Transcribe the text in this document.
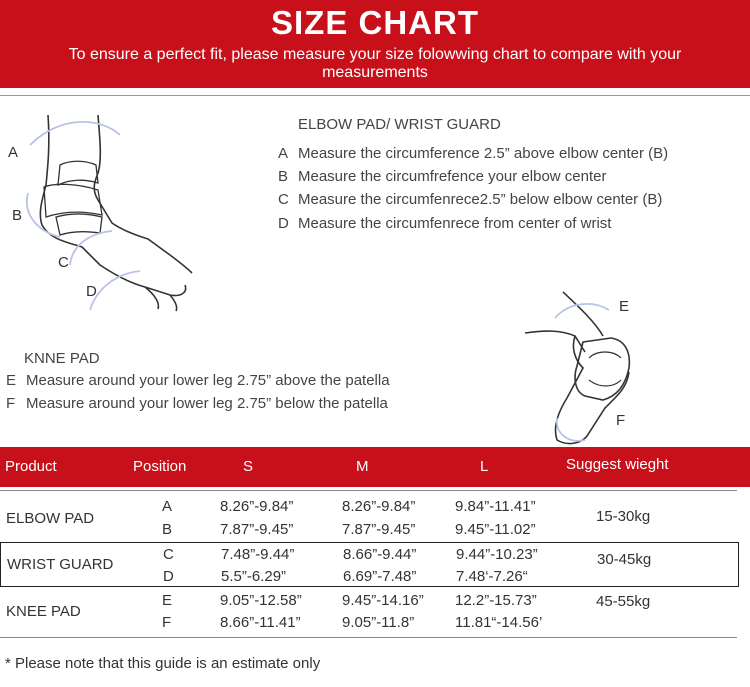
SIZE CHART
To ensure a perfect fit, please measure your size folowwing chart to compare with your measurements
A
B
C
D
ELBOW PAD/ WRIST GUARD
A Measure the circumference 2.5” above elbow center (B)
B Measure the circumfrefence your elbow center
C Measure the circumfenrece2.5” below elbow center (B)
D Measure the circumfenrece from center of wrist
KNNE PAD
E Measure around your lower leg 2.75” above the patella
F Measure around your lower leg 2.75” below the patella
E
F
Product	Position	S	M	L	Suggest wieght
ELBOW PAD
A	8.26”-9.84”	8.26”-9.84”	9.84”-11.41”
B	7.87”-9.45”	7.87”-9.45”	9.45”-11.02”
15-30kg
WRIST GUARD
C	7.48”-9.44”	8.66”-9.44”	9.44”-10.23”
D	5.5”-6.29”	6.69”-7.48”	7.48‘-7.26“
30-45kg
KNEE PAD
E	9.05”-12.58”	9.45”-14.16” 12.2”-15.73”
F	8.66”-11.41”	9.05”-11.8”	11.81“-14.56’
45-55kg
* Please note that this guide is an estimate only
